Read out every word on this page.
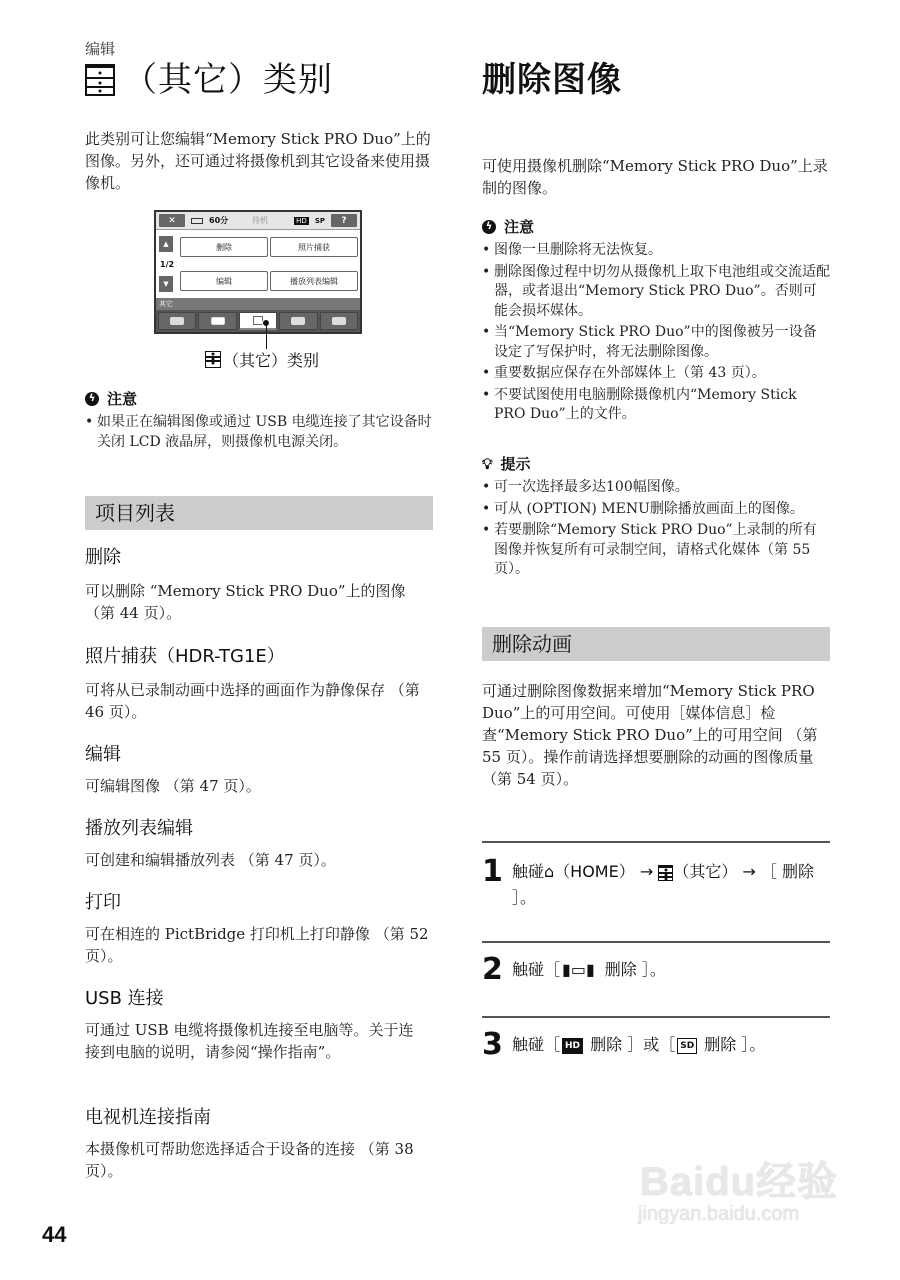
编辑
（其它）类别	删除图像
此类别可让您编辑“Memory Stick PRO Duo”上的图像。另外，还可通过将摄像机到其它设备来使用摄像机。
✕	60分	待机	HD SP	?
▲
1/2
▼
删除	照片捕获
编辑	播放列表编辑
其它
（其它）类别
ϟ 注意
• 如果正在编辑图像或通过 USB 电缆连接了其它设备时关闭 LCD 液晶屏，则摄像机电源关闭。
项目列表
删除
可以删除 “Memory Stick PRO Duo”上的图像 （第 44 页）。
照片捕获（HDR-TG1E）
可将从已录制动画中选择的画面作为静像保存 （第 46 页）。
编辑
可编辑图像 （第 47 页）。
播放列表编辑
可创建和编辑播放列表 （第 47 页）。
打印
可在相连的 PictBridge 打印机上打印静像 （第 52 页）。
USB 连接
可通过 USB 电缆将摄像机连接至电脑等。关于连接到电脑的说明，请参阅“操作指南”。
电视机连接指南
本摄像机可帮助您选择适合于设备的连接 （第 38 页）。
可使用摄像机删除“Memory Stick PRO Duo”上录制的图像。
ϟ 注意
• 图像一旦删除将无法恢复。
• 删除图像过程中切勿从摄像机上取下电池组或交流适配器，或者退出“Memory Stick PRO Duo”。否则可能会损坏媒体。
• 当“Memory Stick PRO Duo”中的图像被另一设备设定了写保护时，将无法删除图像。
• 重要数据应保存在外部媒体上（第 43 页）。
• 不要试图使用电脑删除摄像机内“Memory Stick PRO Duo”上的文件。
💡︎ 提示
• 可一次选择最多达100幅图像。
• 可从 (OPTION) MENU删除播放画面上的图像。
• 若要删除“Memory Stick PRO Duo”上录制的所有图像并恢复所有可录制空间，请格式化媒体（第 55 页）。
删除动画
可通过删除图像数据来增加“Memory Stick PRO Duo”上的可用空间。可使用［媒体信息］检查“Memory Stick PRO Duo”上的可用空间 （第 55 页）。操作前请选择想要删除的动画的图像质量 （第 54 页）。
1 触碰⌂（HOME） → （其它） → ［ 删除 ］。
2 触碰［ ▮▭▮ 删除 ］。
3 触碰［ HD 删除 ］或［ SD 删除 ］。
44
Baidu经验
jingyan.baidu.com
